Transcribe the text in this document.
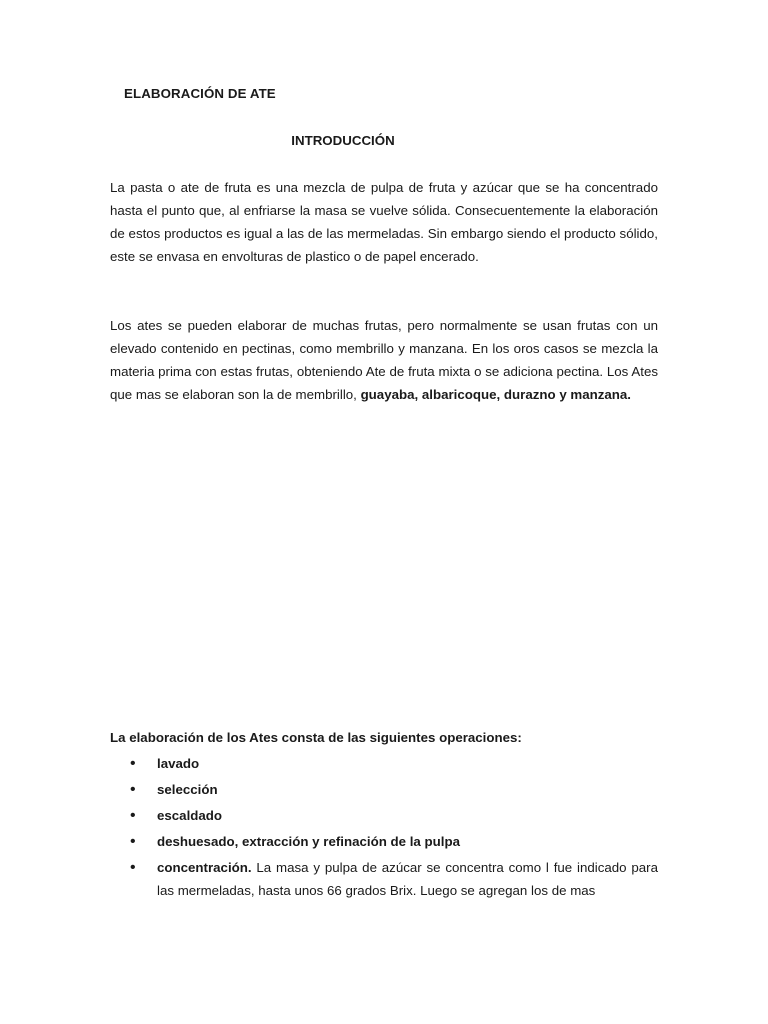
ELABORACIÓN DE ATE
INTRODUCCIÓN

La pasta o ate de fruta es una mezcla de pulpa de fruta y azúcar que se ha concentrado hasta el punto que, al enfriarse la masa se vuelve sólida. Consecuentemente la elaboración de estos productos es igual a las de las mermeladas. Sin embargo siendo el producto sólido, este se envasa en envolturas de plastico o de papel encerado.

Los ates se pueden elaborar de muchas frutas, pero normalmente se usan frutas con un elevado contenido en pectinas, como membrillo y manzana. En los oros casos se mezcla la materia prima con estas frutas, obteniendo Ate de fruta mixta o se adiciona pectina. Los Ates que mas se elaboran son la de membrillo, guayaba, albaricoque, durazno y manzana.

La elaboración de los Ates consta de las siguientes operaciones:

• lavado
• selección
• escaldado
• deshuesado, extracción y refinación de la pulpa
• concentración. La masa y pulpa de azúcar se concentra como l fue indicado para las mermeladas, hasta unos 66 grados Brix. Luego se agregan los de mas
